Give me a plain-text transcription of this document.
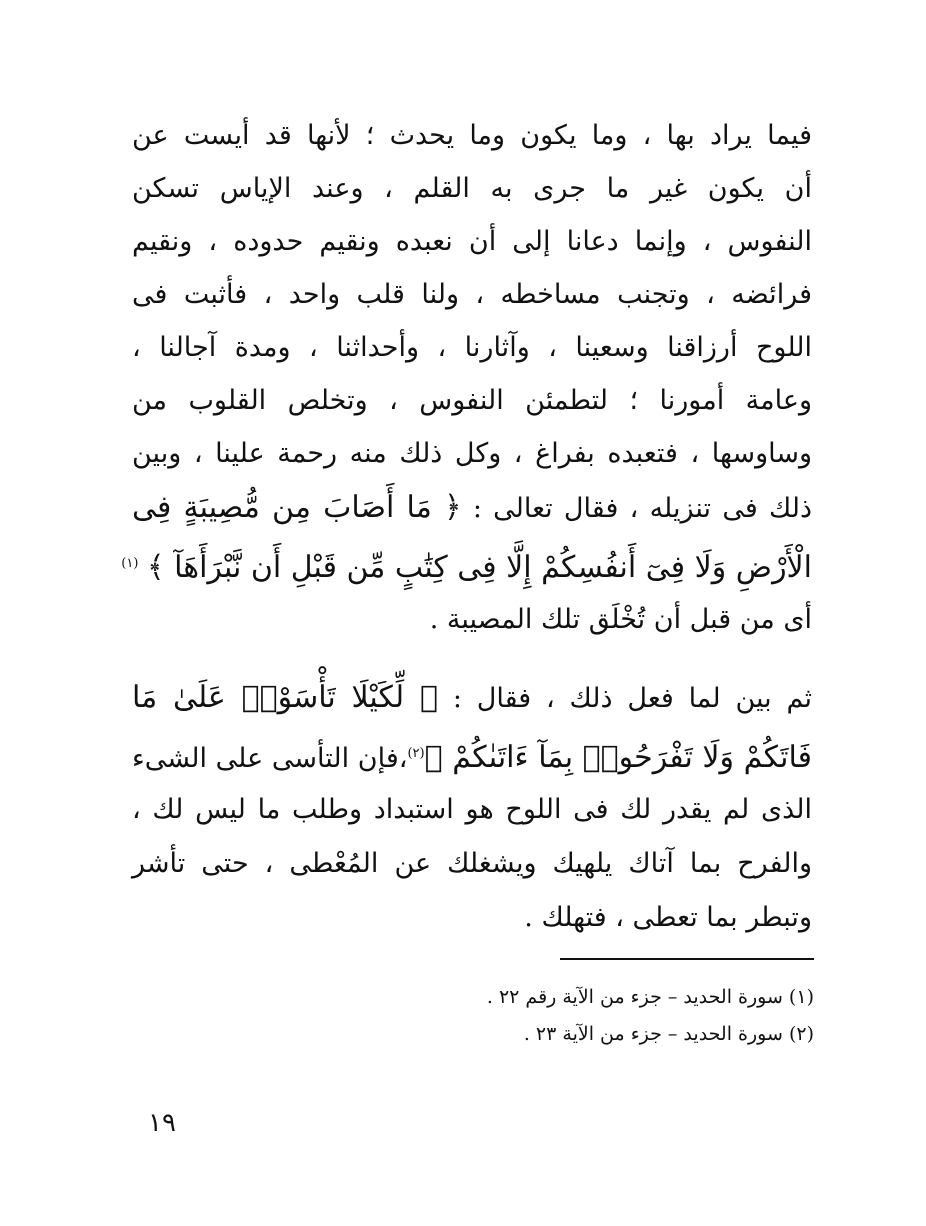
فيما يراد بها ، وما يكون وما يحدث ؛ لأنها قد أيست عن
أن يكون غير ما جرى به القلم ، وعند الإياس تسكن
النفوس ، وإنما دعانا إلى أن نعبده ونقيم حدوده ، ونقيم
فرائضه ، وتجنب مساخطه ، ولنا قلب واحد ، فأثبت فى
اللوح أرزاقنا وسعينا ، وآثارنا ، وأحداثنا ، ومدة آجالنا ،
وعامة أمورنا ؛ لتطمئن النفوس ، وتخلص القلوب من
وساوسها ، فتعبده بفراغ ، وكل ذلك منه رحمة علينا ، وبين
ذلك فى تنزيله ، فقال تعالى : ﴿ مَا أَصَابَ مِن مُّصِيبَةٍ فِى
الْأَرْضِ وَلَا فِىٓ أَنفُسِكُمْ إِلَّا فِى كِتَٰبٍ مِّن قَبْلِ أَن نَّبْرَأَهَآ ﴾ $^{(١)}$
أى من قبل أن تُخْلَق تلك المصيبة .
ثم بين لما فعل ذلك ، فقال : ﴿ لِّكَيْلَا تَأْسَوْا۟ عَلَىٰ مَا
فَاتَكُمْ وَلَا تَفْرَحُوا۟ بِمَآ ءَاتَىٰكُمْ ﴾$^{(٢)}$،فإن التأسى على الشىء
الذى لم يقدر لك فى اللوح هو استبداد وطلب ما ليس لك ،
والفرح بما آتاك يلهيك ويشغلك عن المُعْطى ، حتى تأشر
وتبطر بما تعطى ، فتهلك .
(١) سورة الحديد – جزء من الآية رقم ٢٢ .
(٢) سورة الحديد – جزء من الآية ٢٣ .
١٩
